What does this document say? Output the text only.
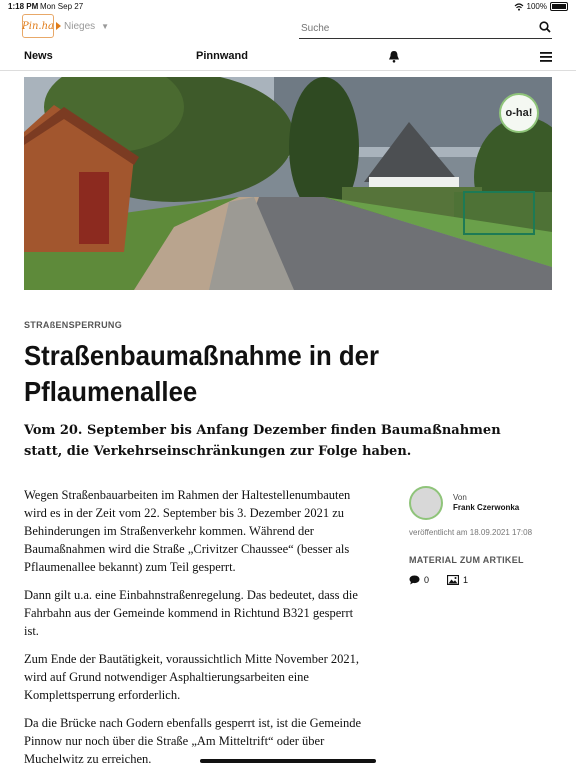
1:18 PM Mon Sep 27	100%
Pin.ha Nieges ▼
Suche
News	Pinnwand
o-ha!
STRAßENSPERRUNG
Straßenbaumaßnahme in der Pflaumenallee

Vom 20. September bis Anfang Dezember finden Baumaßnahmen statt, die Verkehrseinschränkungen zur Folge haben.

Wegen Straßenbauarbeiten im Rahmen der Haltestellenumbauten wird es in der Zeit vom 22. September bis 3. Dezember 2021 zu Behinderungen im Straßenverkehr kommen. Während der Baumaßnahmen wird die Straße „Crivitzer Chaussee“ (besser als Pflaumenallee bekannt) zum Teil gesperrt.

Dann gilt u.a. eine Einbahnstraßenregelung. Das bedeutet, dass die Fahrbahn aus der Gemeinde kommend in Richtund B321 gesperrt ist.

Zum Ende der Bautätigkeit, voraussichtlich Mitte November 2021, wird auf Grund notwendiger Asphaltierungsarbeiten eine Komplettsperrung erforderlich.

Da die Brücke nach Godern ebenfalls gesperrt ist, ist die Gemeinde Pinnow nur noch über die Straße „Am Mitteltrift“ oder über Muchelwitz zu erreichen.

Von
Frank Czerwonka
veröffentlicht am 18.09.2021 17:08
MATERIAL ZUM ARTIKEL
0	1
